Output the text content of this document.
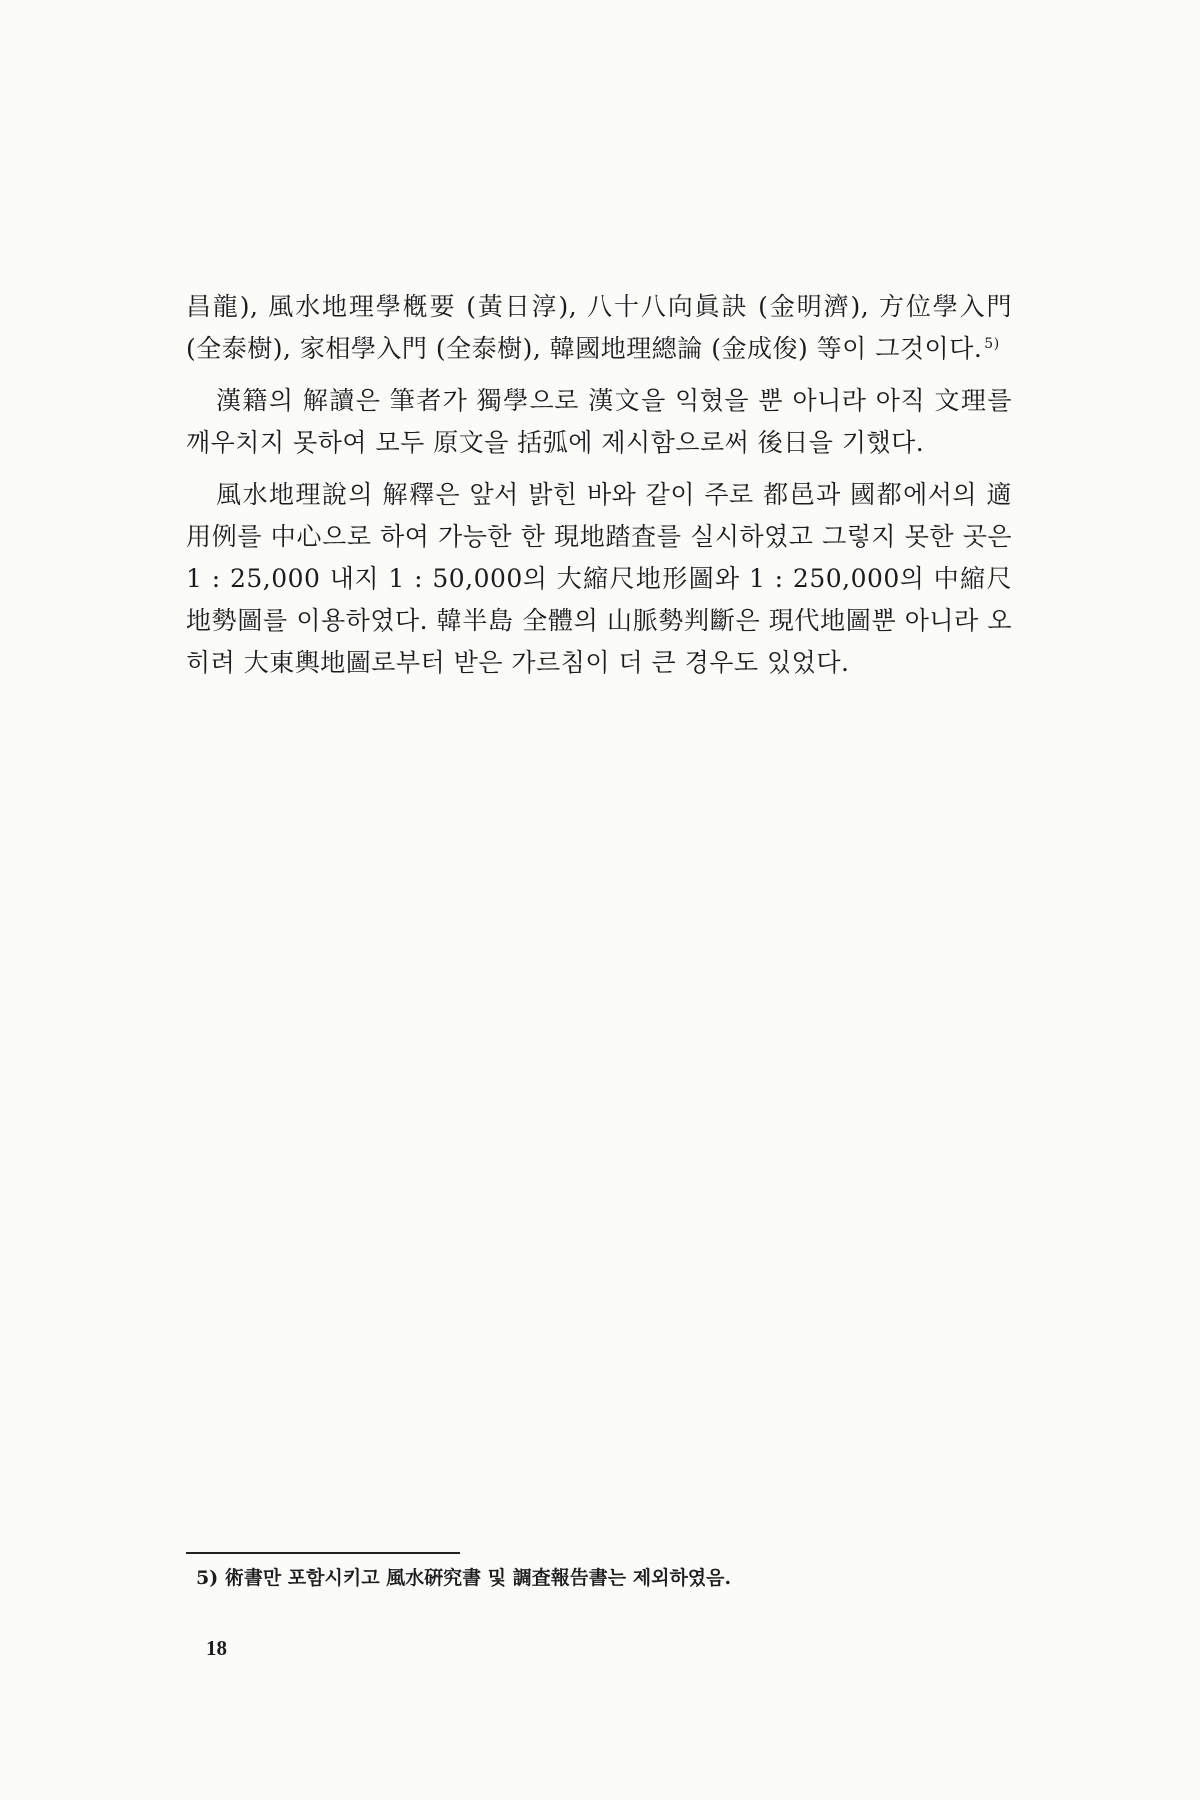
昌龍), 風水地理學槪要 (黃日淳), 八十八向眞訣 (金明濟), 方位學入門 (全泰樹), 家相學入門 (全泰樹), 韓國地理總論 (金成俊) 等이 그것이다. $^{5)}$

漢籍의 解讀은 筆者가 獨學으로 漢文을 익혔을 뿐 아니라 아직 文理를 깨우치지 못하여 모두 原文을 括弧에 제시함으로써 後日을 기했다.

風水地理說의 解釋은 앞서 밝힌 바와 같이 주로 都邑과 國都에서의 適用例를 中心으로 하여 가능한 한 現地踏査를 실시하였고 그렇지 못한 곳은 1 : 25,000 내지 1 : 50,000의 大縮尺地形圖와 1 : 250,000의 中縮尺地勢圖를 이용하였다. 韓半島 全體의 山脈勢判斷은 現代地圖뿐 아니라 오히려 大東輿地圖로부터 받은 가르침이 더 큰 경우도 있었다.

5) 術書만 포함시키고 風水硏究書 및 調査報告書는 제외하였음.
18
